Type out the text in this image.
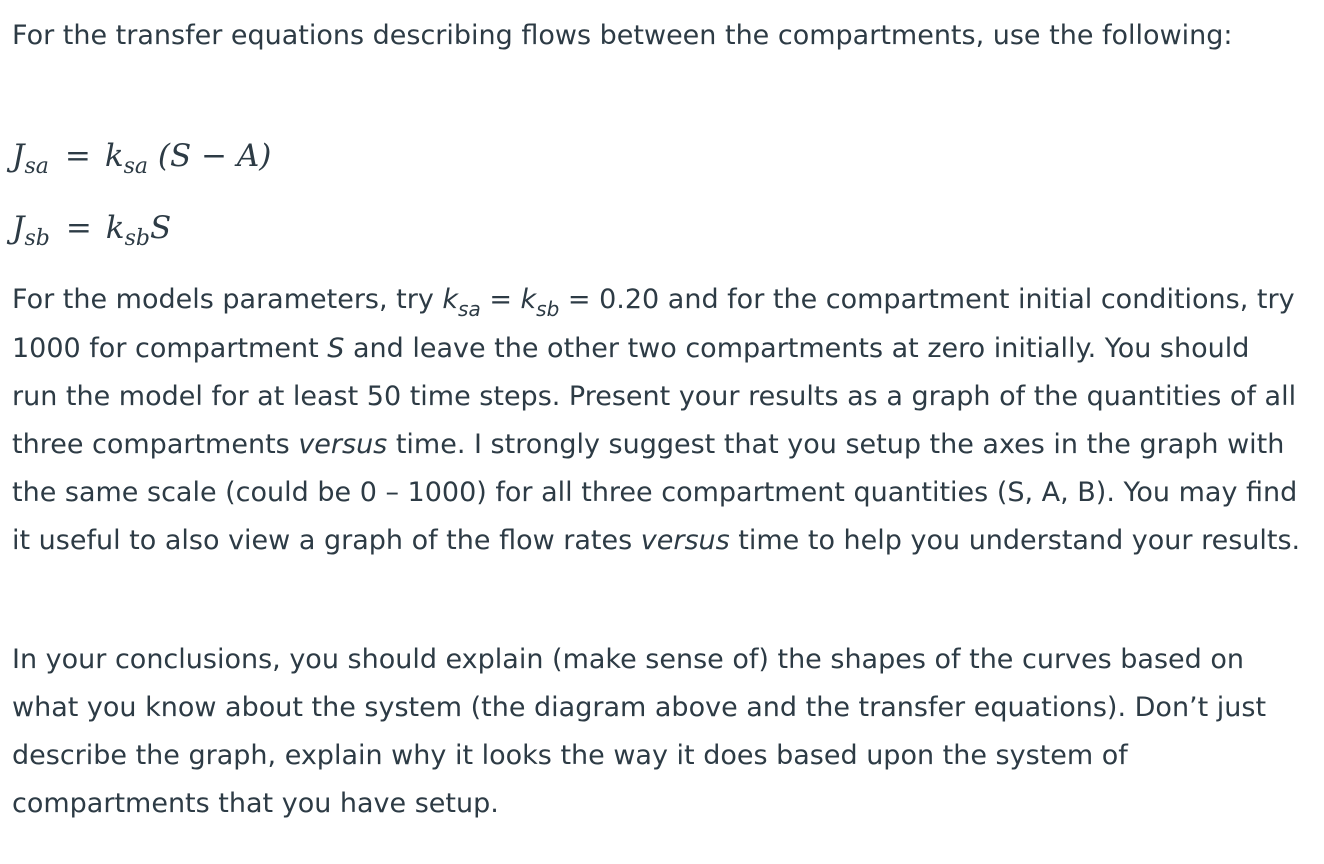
For the transfer equations describing flows between the compartments, use the following:

$J_{sa} = k_{sa}$ (S − A)
$J_{sb} = k_{sb}S$

For the models parameters, try $k_{sa} = k_{sb} = 0.20$ and for the compartment initial conditions, try 1000 for compartment S and leave the other two compartments at zero initially. You should run the model for at least 50 time steps. Present your results as a graph of the quantities of all three compartments versus time. I strongly suggest that you setup the axes in the graph with the same scale (could be 0 – 1000) for all three compartment quantities (S, A, B). You may find it useful to also view a graph of the flow rates versus time to help you understand your results.

In your conclusions, you should explain (make sense of) the shapes of the curves based on what you know about the system (the diagram above and the transfer equations). Don’t just describe the graph, explain why it looks the way it does based upon the system of compartments that you have setup.
